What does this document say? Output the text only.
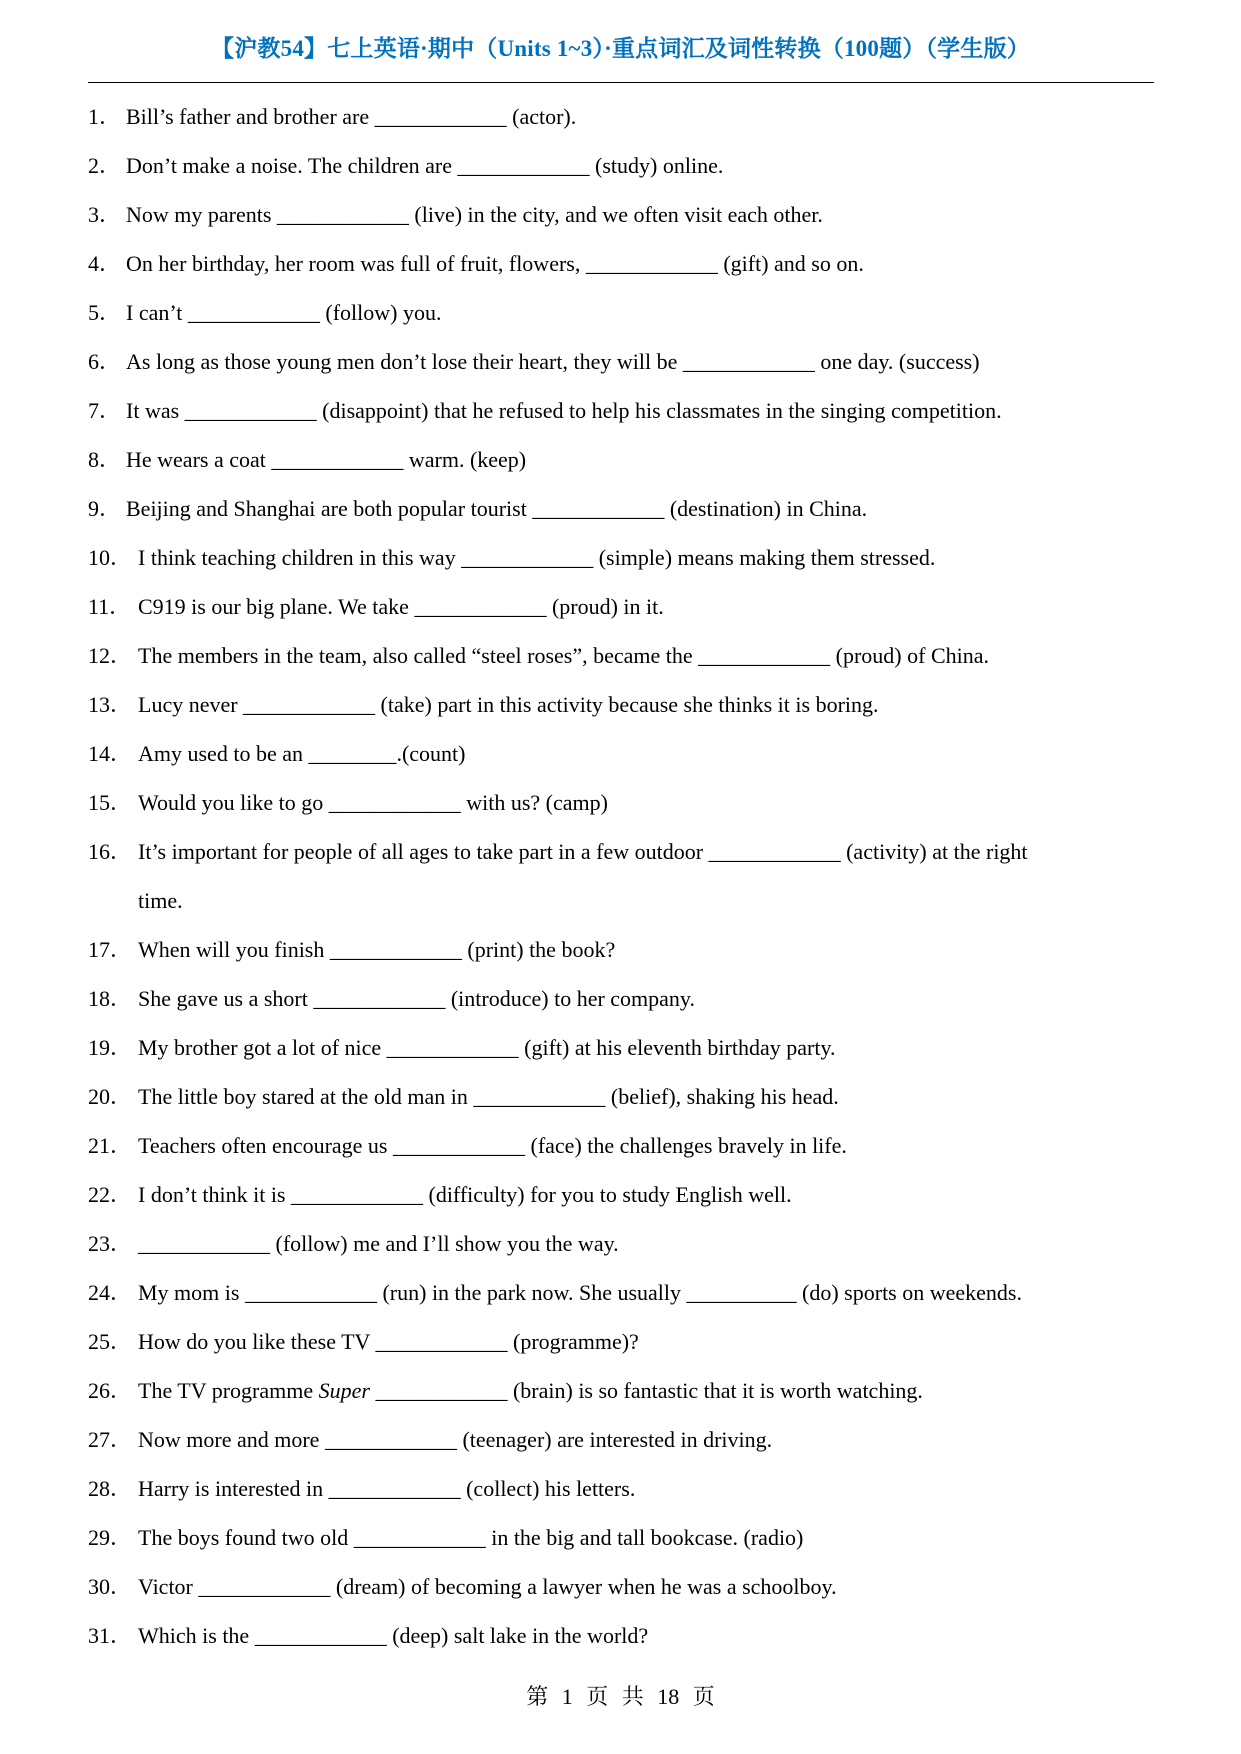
【沪教54】七上英语·期中（Units 1~3）·重点词汇及词性转换（100题）（学生版）
1． Bill’s father and brother are ____________ (actor).
2． Don’t make a noise. The children are ____________ (study) online.
3． Now my parents ____________ (live) in the city, and we often visit each other.
4． On her birthday, her room was full of fruit, flowers, ____________ (gift) and so on.
5． I can’t ____________ (follow) you.
6． As long as those young men don’t lose their heart, they will be ____________ one day. (success)
7． It was ____________ (disappoint) that he refused to help his classmates in the singing competition.
8． He wears a coat ____________ warm. (keep)
9． Beijing and Shanghai are both popular tourist ____________ (destination) in China.
10． I think teaching children in this way ____________ (simple) means making them stressed.
11． C919 is our big plane. We take ____________ (proud) in it.
12． The members in the team, also called “steel roses”, became the ____________ (proud) of China.
13． Lucy never ____________ (take) part in this activity because she thinks it is boring.
14． Amy used to be an ________.(count)
15． Would you like to go ____________ with us? (camp)
16． It’s important for people of all ages to take part in a few outdoor ____________ (activity) at the right
time.
17． When will you finish ____________ (print) the book?
18． She gave us a short ____________ (introduce) to her company.
19． My brother got a lot of nice ____________ (gift) at his eleventh birthday party.
20． The little boy stared at the old man in ____________ (belief), shaking his head.
21． Teachers often encourage us ____________ (face) the challenges bravely in life.
22． I don’t think it is ____________ (difficulty) for you to study English well.
23． ____________ (follow) me and I’ll show you the way.
24． My mom is ____________ (run) in the park now. She usually __________ (do) sports on weekends.
25． How do you like these TV ____________ (programme)?
26． The TV programme Super ____________ (brain) is so fantastic that it is worth watching.
27． Now more and more ____________ (teenager) are interested in driving.
28． Harry is interested in ____________ (collect) his letters.
29． The boys found two old ____________ in the big and tall bookcase. (radio)
30． Victor ____________ (dream) of becoming a lawyer when he was a schoolboy.
31． Which is the ____________ (deep) salt lake in the world?
第 1 页 共 18 页
